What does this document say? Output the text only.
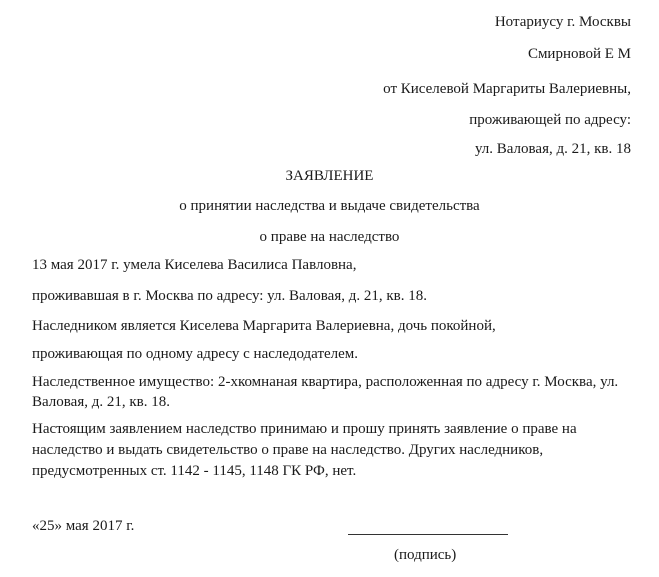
Нотариусу г. Москвы
Смирновой Е М
от Киселевой Маргариты Валериевны,
проживающей по адресу:
ул. Валовая, д. 21, кв. 18
ЗАЯВЛЕНИЕ
о принятии наследства и выдаче свидетельства
о праве на наследство
13 мая 2017 г. умела Киселева Василиса Павловна,
проживавшая в г. Москва по адресу: ул. Валовая, д. 21, кв. 18.
Наследником является Киселева Маргарита Валериевна, дочь покойной,
проживающая по одному адресу с наследодателем.
Наследственное имущество: 2-хкомнаная квартира, расположенная по адресу г. Москва, ул.
Валовая, д. 21, кв. 18.
Настоящим заявлением наследство принимаю и прошу принять заявление о праве на
наследство и выдать свидетельство о праве на наследство. Других наследников,
предусмотренных ст. 1142 - 1145, 1148 ГК РФ, нет.
«25» мая 2017 г.
(подпись)
